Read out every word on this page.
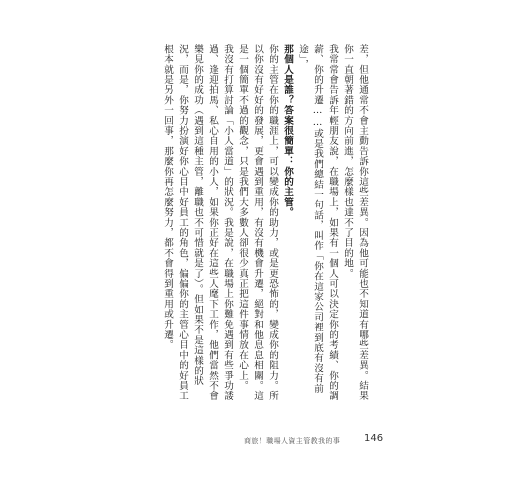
差，但他通常不會主動告訴你這些差異。因為他可能也不知道有哪些差異。結果你一直朝著錯的方向前進，怎麼樣也達不了目的地。

我常常會告訴年輕朋友說，在職場上，如果有一個人可以決定你的考績、你的調薪、你的升遷……或是我們總結一句話，叫作「你在這家公司裡到底有沒有前途」，

那個人是誰？答案很簡單：你的主管。

你的主管在你的職涯上，可以變成你的助力，或是更恐怖的，變成你的阻力。所以你沒有好好的發展，更會遇到重用，有沒有機會升遷，絕對和他息息相關。這是一個簡單不過的觀念，只是我們大多數人卻很少真正把這件事情放在心上。

我沒有打算討論「小人當道」的狀況。我是說，在職場上你難免遇到有些爭功諉過、逢迎拍馬、私心自用的小人，如果你正好在這些人麾下工作，他們當然不會樂見你的成功（遇到這種主管，離職也不可惜就是了）。但如果不是這樣的狀況，而是，你努力扮演好你心目中好員工的角色，偏偏你的主管心目中的好員工根本就是另外一回事，那麼你再怎麼努力，都不會得到重用或升遷。

商旅！職場人資主管教我的事 146
